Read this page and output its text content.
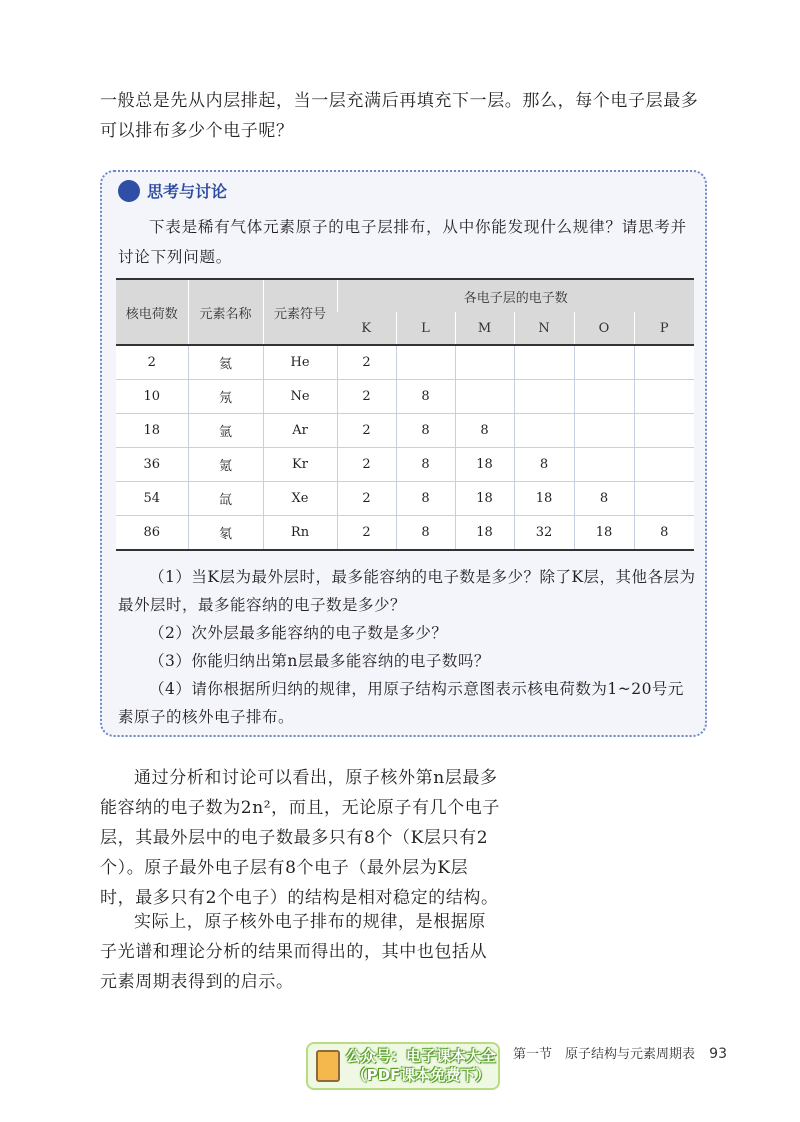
一般总是先从内层排起，当一层充满后再填充下一层。那么，每个电子层最多可以排布多少个电子呢？

思考与讨论

下表是稀有气体元素原子的电子层排布，从中你能发现什么规律？请思考并讨论下列问题。

核电荷数	元素名称	元素符号	各电子层的电子数					
			K	L	M	N	O	P
2	氦	He	2					
10	氖	Ne	2	8				
18	氩	Ar	2	8	8			
36	氪	Kr	2	8	18	8		
54	氙	Xe	2	8	18	18	8	
86	氡	Rn	2	8	18	32	18	8

（1）当K层为最外层时，最多能容纳的电子数是多少？除了K层，其他各层为最外层时，最多能容纳的电子数是多少？

（2）次外层最多能容纳的电子数是多少？

（3）你能归纳出第n层最多能容纳的电子数吗？

（4）请你根据所归纳的规律，用原子结构示意图表示核电荷数为1~20号元素原子的核外电子排布。

通过分析和讨论可以看出，原子核外第n层最多能容纳的电子数为2n²，而且，无论原子有几个电子层，其最外层中的电子数最多只有8个（K层只有2个）。原子最外电子层有8个电子（最外层为K层时，最多只有2个电子）的结构是相对稳定的结构。

实际上，原子核外电子排布的规律，是根据原子光谱和理论分析的结果而得出的，其中也包括从元素周期表得到的启示。

公众号：电子课本大全
（PDF课本免费下）
第一节　原子结构与元素周期表 93
